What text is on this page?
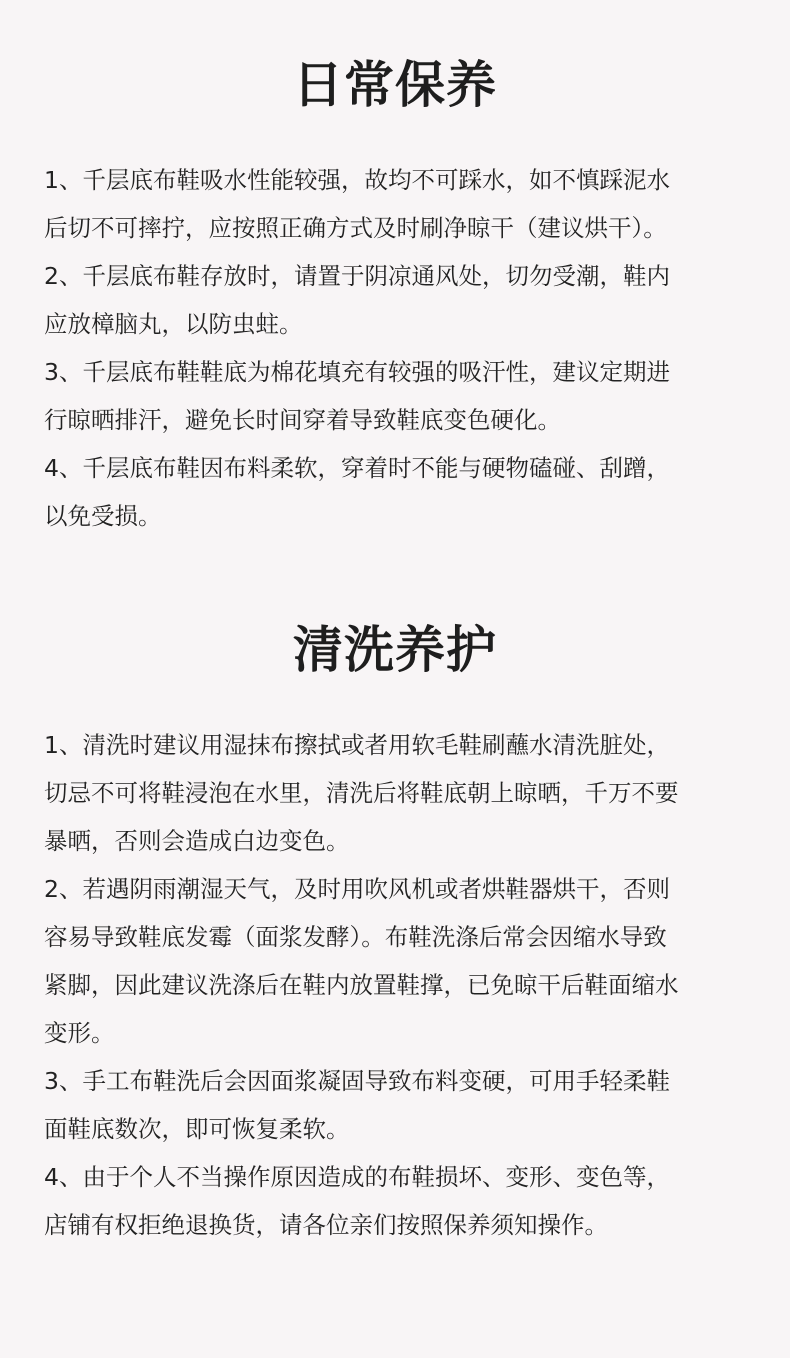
日常保养
1、千层底布鞋吸水性能较强，故均不可踩水，如不慎踩泥水
后切不可摔拧，应按照正确方式及时刷净晾干（建议烘干）。
2、千层底布鞋存放时，请置于阴凉通风处，切勿受潮，鞋内
应放樟脑丸，以防虫蛀。
3、千层底布鞋鞋底为棉花填充有较强的吸汗性，建议定期进
行晾晒排汗，避免长时间穿着导致鞋底变色硬化。
4、千层底布鞋因布料柔软，穿着时不能与硬物磕碰、刮蹭，
以免受损。
清洗养护
1、清洗时建议用湿抹布擦拭或者用软毛鞋刷蘸水清洗脏处，
切忌不可将鞋浸泡在水里，清洗后将鞋底朝上晾晒，千万不要
暴晒，否则会造成白边变色。
2、若遇阴雨潮湿天气，及时用吹风机或者烘鞋器烘干，否则
容易导致鞋底发霉（面浆发酵）。布鞋洗涤后常会因缩水导致
紧脚，因此建议洗涤后在鞋内放置鞋撑，已免晾干后鞋面缩水
变形。
3、手工布鞋洗后会因面浆凝固导致布料变硬，可用手轻柔鞋
面鞋底数次，即可恢复柔软。
4、由于个人不当操作原因造成的布鞋损坏、变形、变色等，
店铺有权拒绝退换货，请各位亲们按照保养须知操作。
